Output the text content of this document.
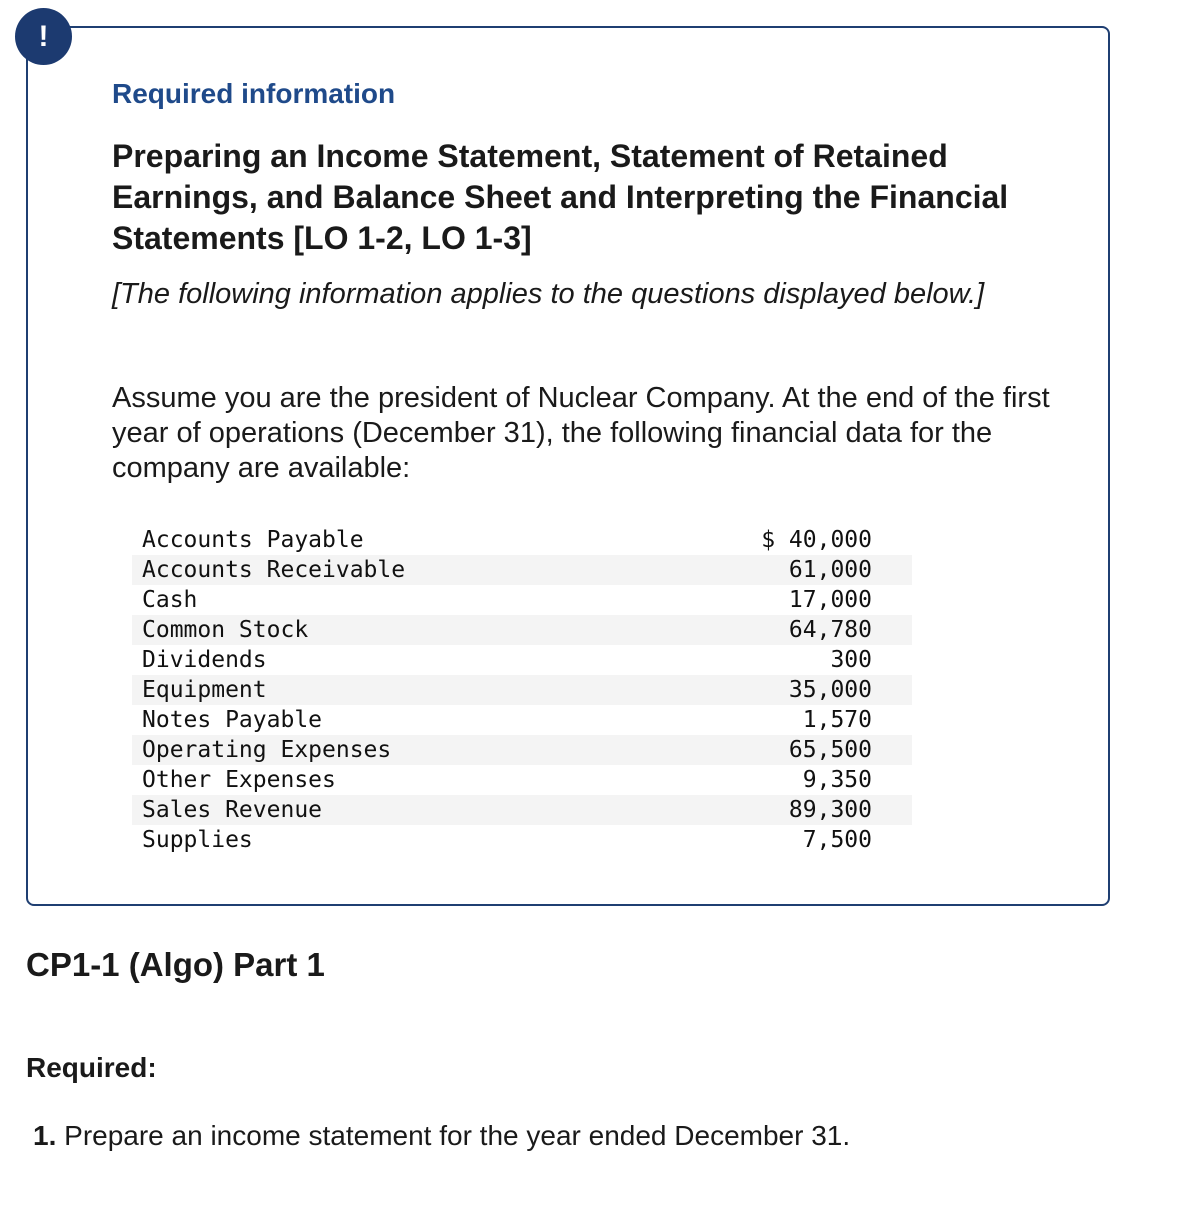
!
Required information
Preparing an Income Statement, Statement of Retained Earnings, and Balance Sheet and Interpreting the Financial Statements [LO 1-2, LO 1-3]
[The following information applies to the questions displayed below.]
Assume you are the president of Nuclear Company. At the end of the first year of operations (December 31), the following financial data for the company are available:
Accounts Payable	$ 40,000
Accounts Receivable	61,000
Cash	17,000
Common Stock	64,780
Dividends	300
Equipment	35,000
Notes Payable	1,570
Operating Expenses	65,500
Other Expenses	9,350
Sales Revenue	89,300
Supplies	7,500
CP1-1 (Algo) Part 1
Required:
1. Prepare an income statement for the year ended December 31.
